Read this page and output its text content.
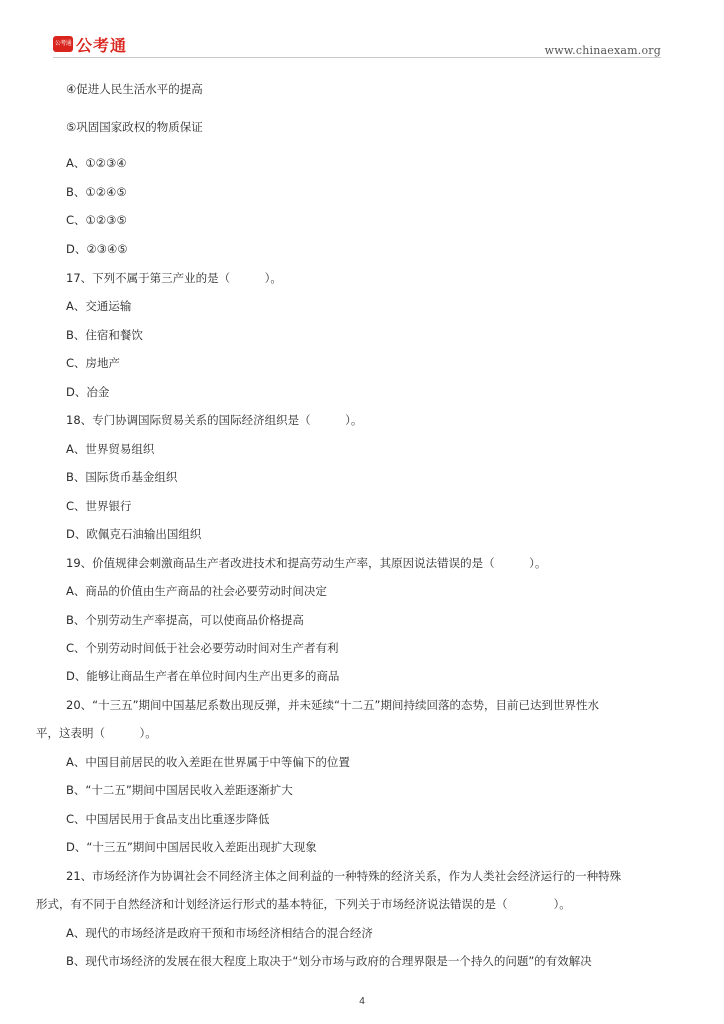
公考通 公考通	www.chinaexam.org
④促进人民生活水平的提高
⑤巩固国家政权的物质保证
A、①②③④
B、①②④⑤
C、①②③⑤
D、②③④⑤
17、下列不属于第三产业的是（　　　）。
A、交通运输
B、住宿和餐饮
C、房地产
D、冶金
18、专门协调国际贸易关系的国际经济组织是（　　　）。
A、世界贸易组织
B、国际货币基金组织
C、世界银行
D、欧佩克石油输出国组织
19、价值规律会刺激商品生产者改进技术和提高劳动生产率，其原因说法错误的是（　　　）。
A、商品的价值由生产商品的社会必要劳动时间决定
B、个别劳动生产率提高，可以使商品价格提高
C、个别劳动时间低于社会必要劳动时间对生产者有利
D、能够让商品生产者在单位时间内生产出更多的商品
20、“十三五”期间中国基尼系数出现反弹，并未延续“十二五”期间持续回落的态势，目前已达到世界性水
平，这表明（　　　）。
A、中国目前居民的收入差距在世界属于中等偏下的位置
B、“十二五”期间中国居民收入差距逐渐扩大
C、中国居民用于食品支出比重逐步降低
D、“十三五”期间中国居民收入差距出现扩大现象
21、市场经济作为协调社会不同经济主体之间利益的一种特殊的经济关系，作为人类社会经济运行的一种特殊
形式，有不同于自然经济和计划经济运行形式的基本特征，下列关于市场经济说法错误的是（　　　　）。
A、现代的市场经济是政府干预和市场经济相结合的混合经济
B、现代市场经济的发展在很大程度上取决于“划分市场与政府的合理界限是一个持久的问题”的有效解决
4
